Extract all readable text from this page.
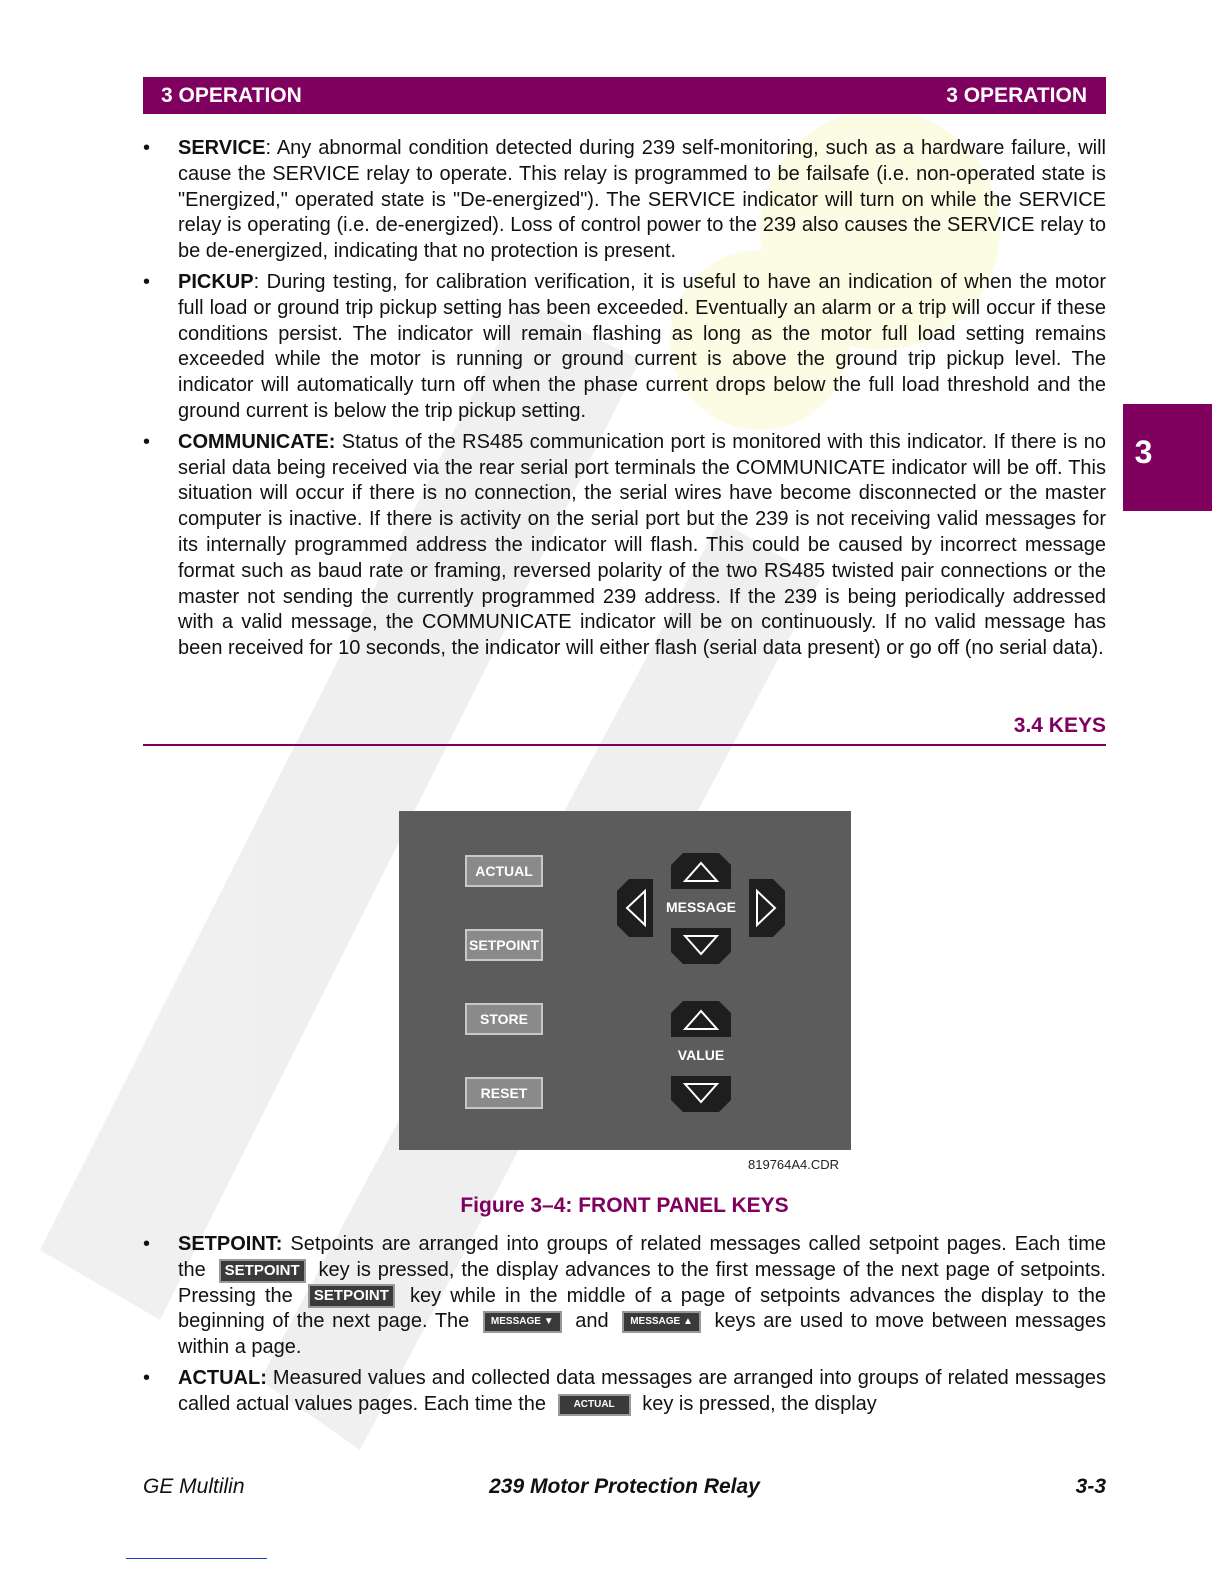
3 OPERATION	3 OPERATION
3
• SERVICE: Any abnormal condition detected during 239 self-monitoring, such as a hardware failure, will cause the SERVICE relay to operate. This relay is programmed to be failsafe (i.e. non-operated state is "Energized," operated state is "De-energized"). The SERVICE indicator will turn on while the SERVICE relay is operating (i.e. de-energized). Loss of control power to the 239 also causes the SERVICE relay to be de-energized, indicating that no protection is present.
• PICKUP: During testing, for calibration verification, it is useful to have an indication of when the motor full load or ground trip pickup setting has been exceeded. Eventually an alarm or a trip will occur if these conditions persist. The indicator will remain flashing as long as the motor full load setting remains exceeded while the motor is running or ground current is above the ground trip pickup level. The indicator will automatically turn off when the phase current drops below the full load threshold and the ground current is below the trip pickup setting.
• COMMUNICATE: Status of the RS485 communication port is monitored with this indicator. If there is no serial data being received via the rear serial port terminals the COMMUNICATE indicator will be off. This situation will occur if there is no connection, the serial wires have become disconnected or the master computer is inactive. If there is activity on the serial port but the 239 is not receiving valid messages for its internally programmed address the indicator will flash. This could be caused by incorrect message format such as baud rate or framing, reversed polarity of the two RS485 twisted pair connections or the master not sending the currently programmed 239 address. If the 239 is being periodically addressed with a valid message, the COMMUNICATE indicator will be on continuously. If no valid message has been received for 10 seconds, the indicator will either flash (serial data present) or go off (no serial data).
3.4 KEYS
ACTUAL
SETPOINT
STORE
RESET
MESSAGE
VALUE
819764A4.CDR
Figure 3–4: FRONT PANEL KEYS
• SETPOINT: Setpoints are arranged into groups of related messages called setpoint pages. Each time the SETPOINT key is pressed, the display advances to the first message of the next page of setpoints. Pressing the SETPOINT key while in the middle of a page of setpoints advances the display to the beginning of the next page. The MESSAGE ▼ and MESSAGE ▲ keys are used to move between messages within a page.
• ACTUAL: Measured values and collected data messages are arranged into groups of related messages called actual values pages. Each time the	ACTUAL key is pressed, the display
GE Multilin	239 Motor Protection Relay	3-3
